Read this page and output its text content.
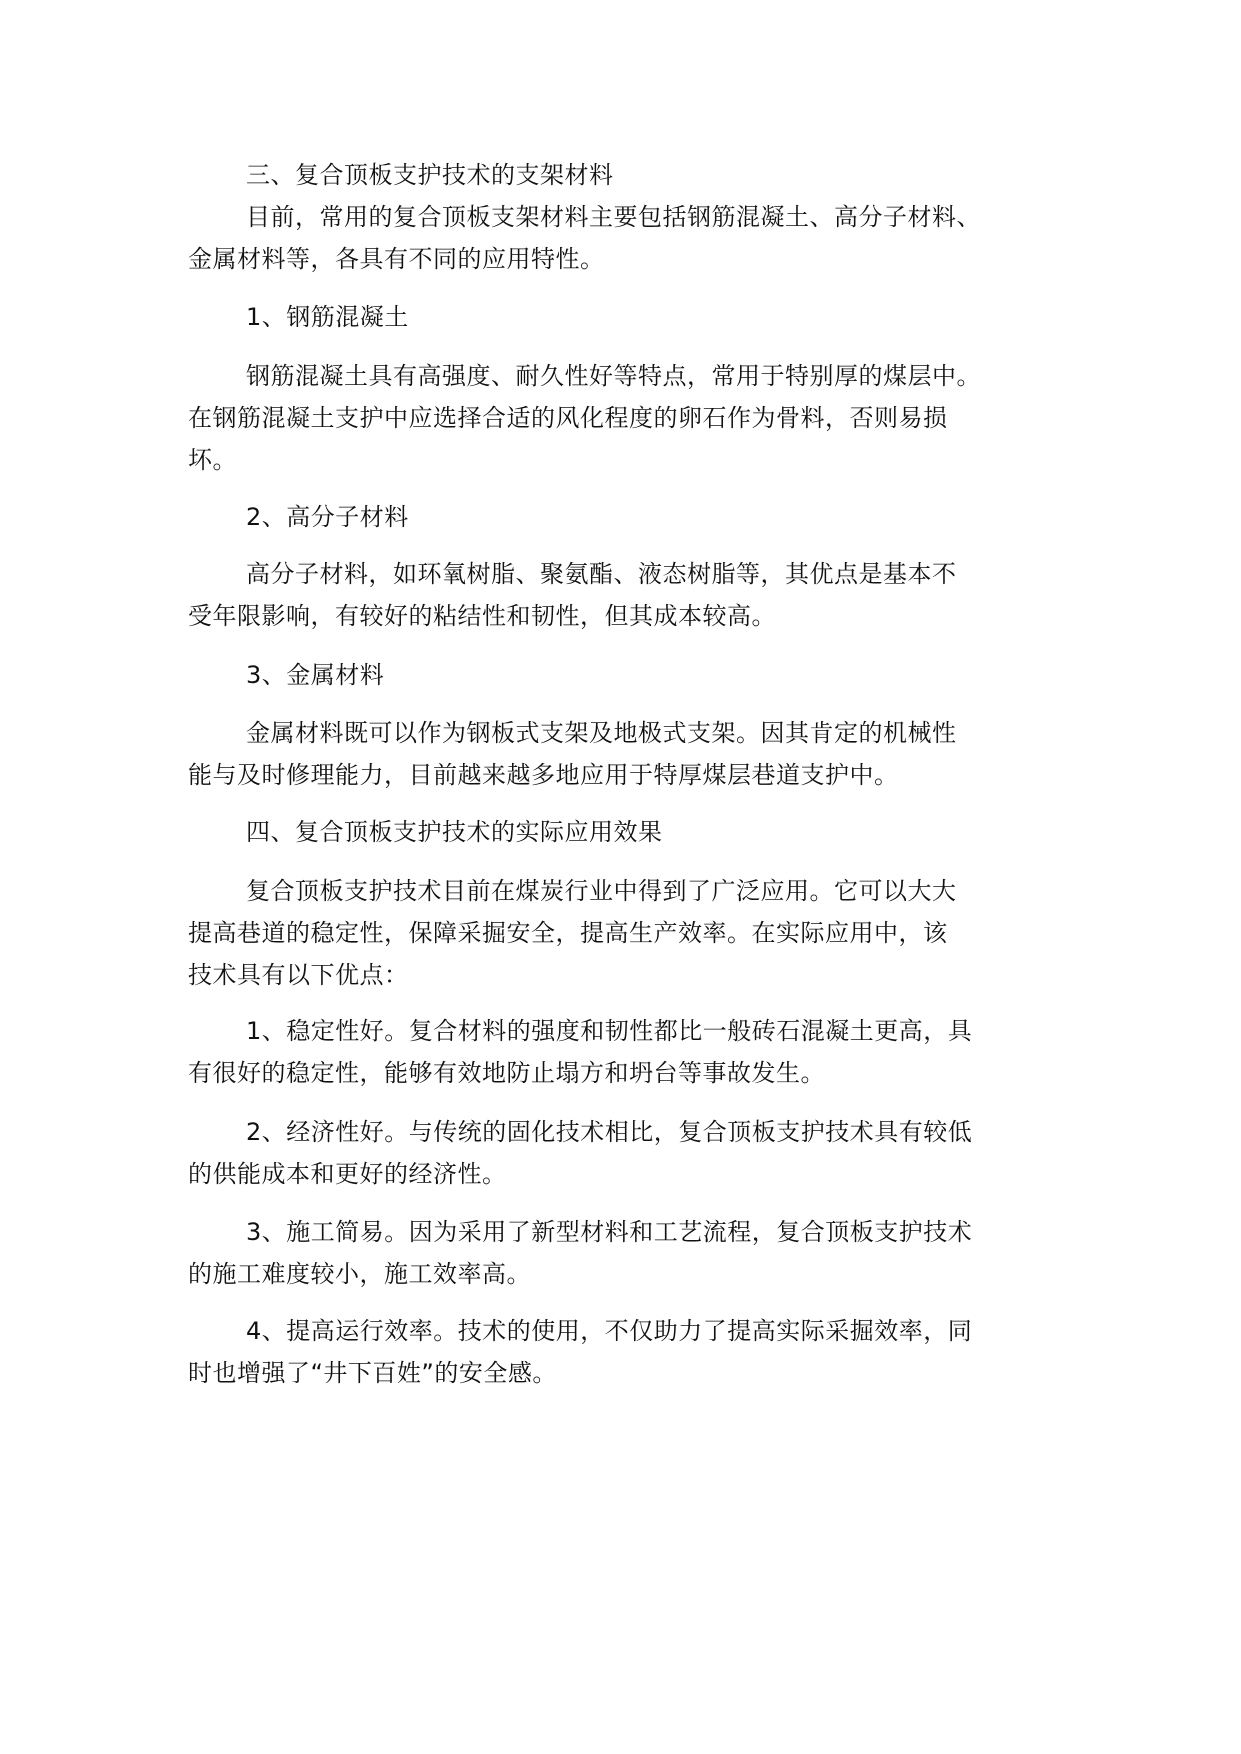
三、复合顶板支护技术的支架材料
目前，常用的复合顶板支架材料主要包括钢筋混凝土、高分子材料、
金属材料等，各具有不同的应用特性。
1、钢筋混凝土
钢筋混凝土具有高强度、耐久性好等特点，常用于特别厚的煤层中。
在钢筋混凝土支护中应选择合适的风化程度的卵石作为骨料，否则易损
坏。
2、高分子材料
高分子材料，如环氧树脂、聚氨酯、液态树脂等，其优点是基本不
受年限影响，有较好的粘结性和韧性，但其成本较高。
3、金属材料
金属材料既可以作为钢板式支架及地极式支架。因其肯定的机械性
能与及时修理能力，目前越来越多地应用于特厚煤层巷道支护中。
四、复合顶板支护技术的实际应用效果
复合顶板支护技术目前在煤炭行业中得到了广泛应用。它可以大大
提高巷道的稳定性，保障采掘安全，提高生产效率。在实际应用中，该
技术具有以下优点：
1、稳定性好。复合材料的强度和韧性都比一般砖石混凝土更高，具
有很好的稳定性，能够有效地防止塌方和坍台等事故发生。
2、经济性好。与传统的固化技术相比，复合顶板支护技术具有较低
的供能成本和更好的经济性。
3、施工简易。因为采用了新型材料和工艺流程，复合顶板支护技术
的施工难度较小，施工效率高。
4、提高运行效率。技术的使用，不仅助力了提高实际采掘效率，同
时也增强了“井下百姓”的安全感。
